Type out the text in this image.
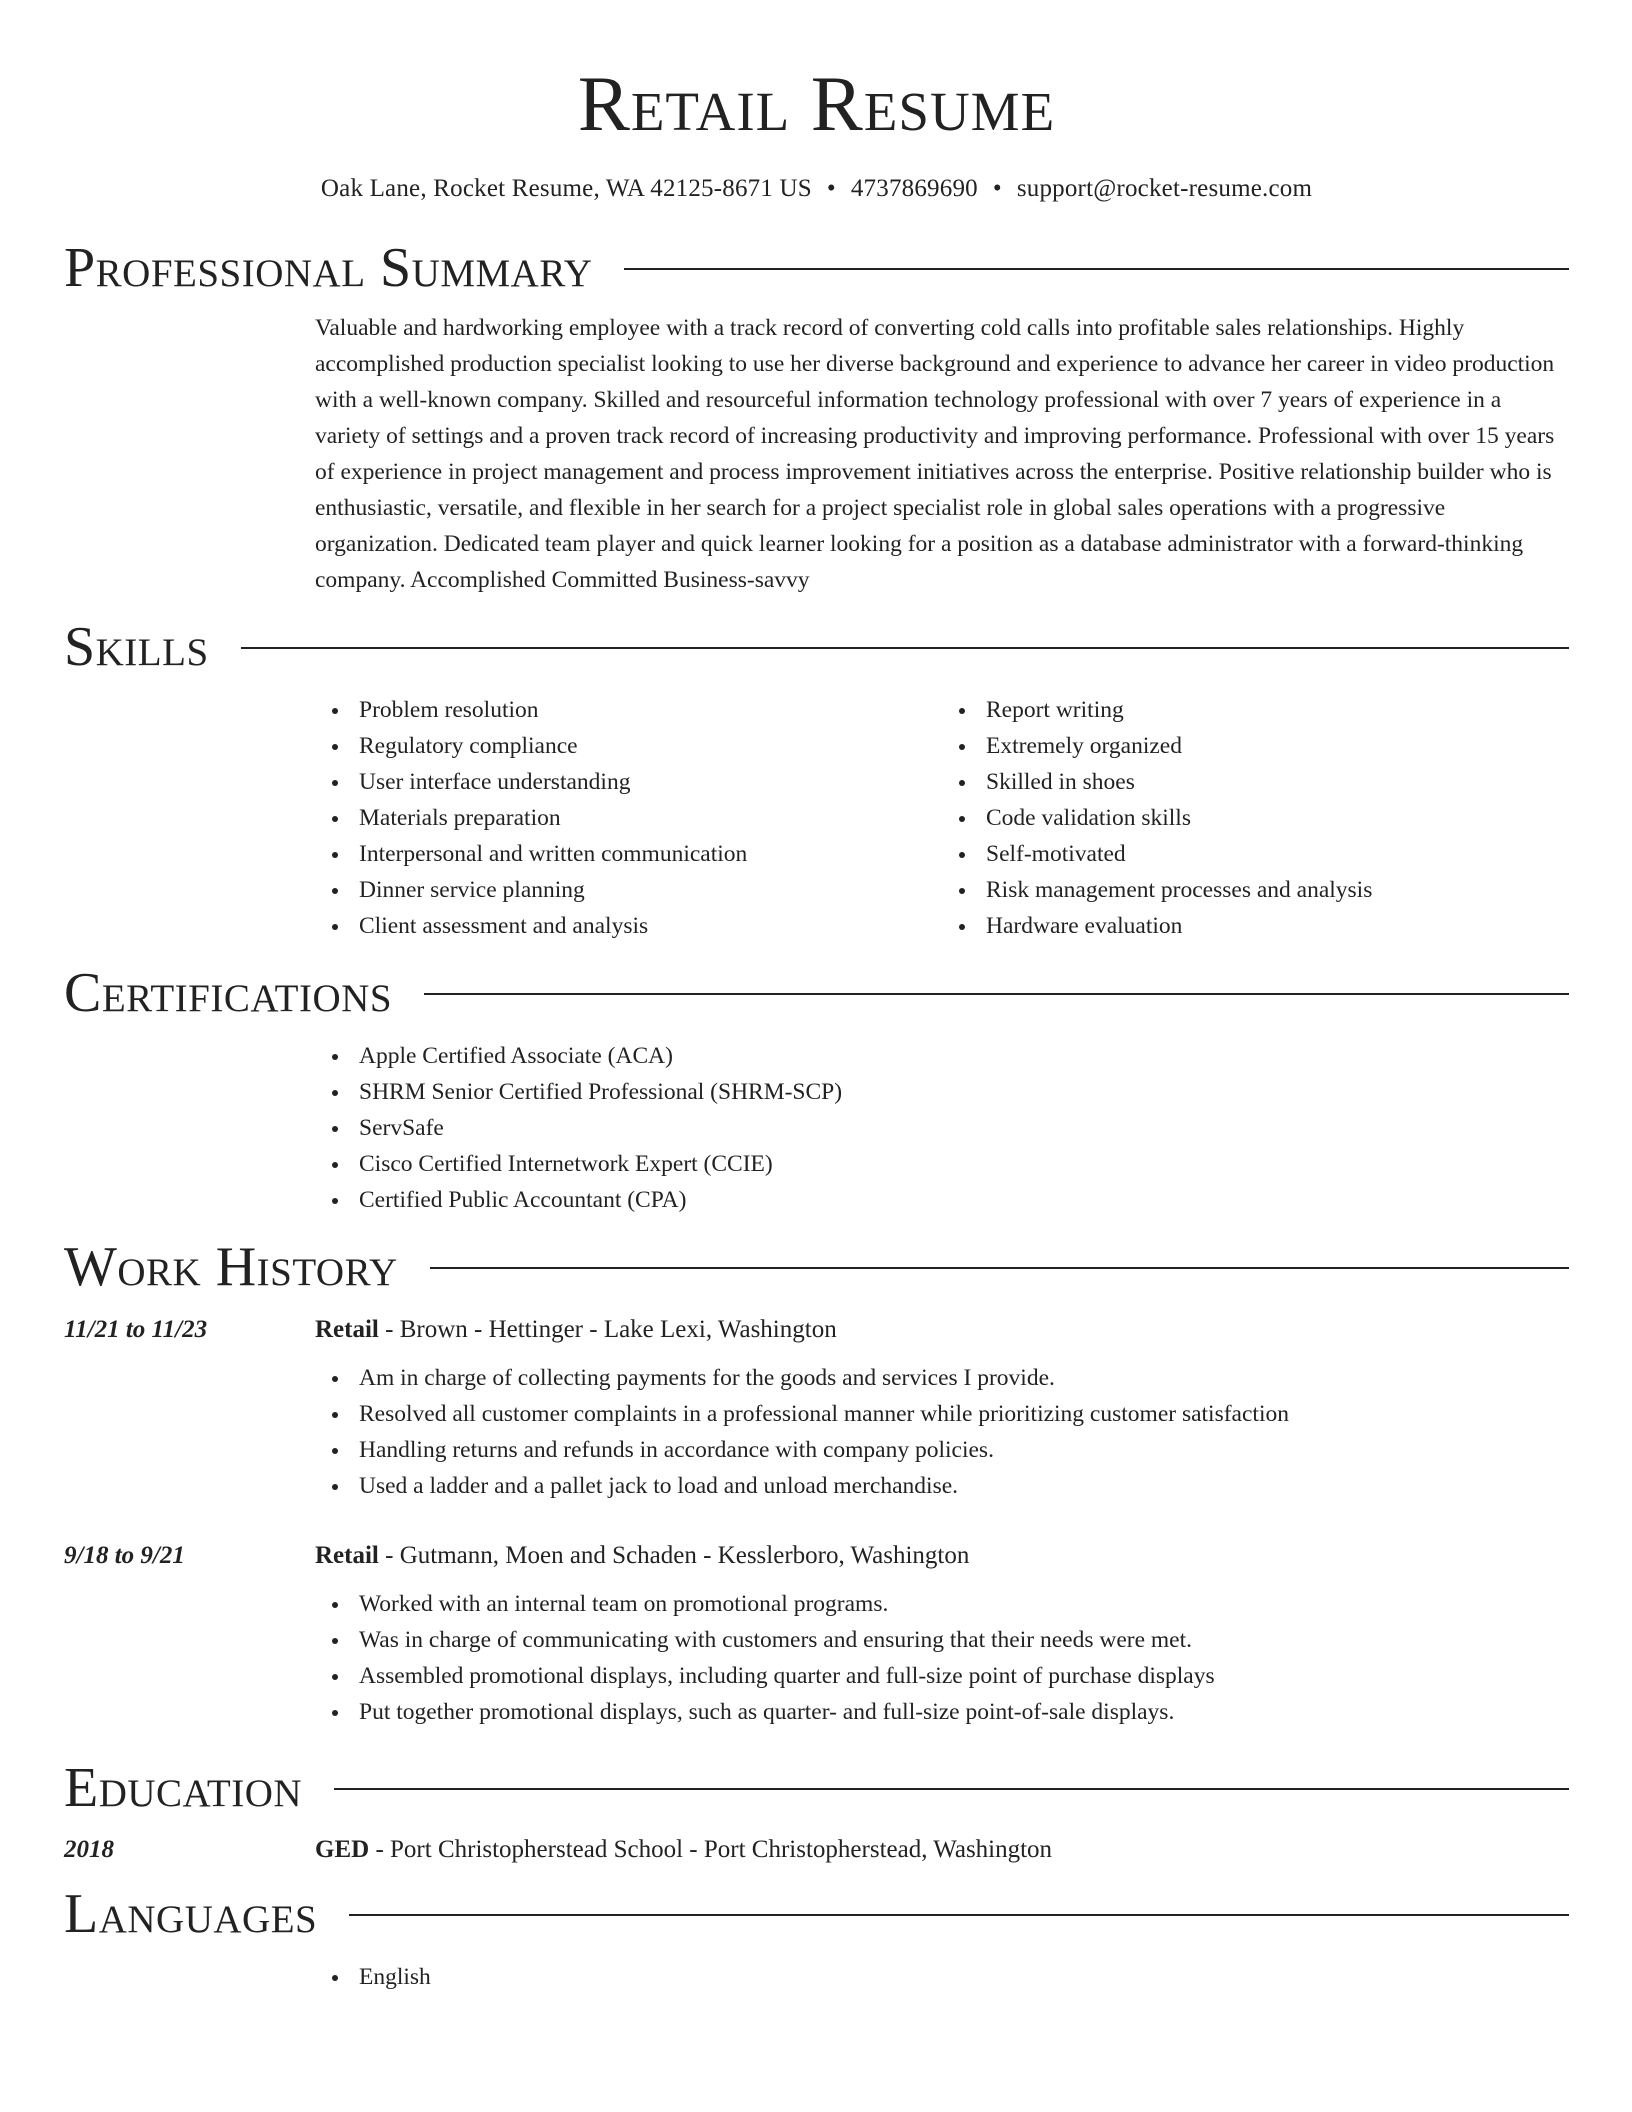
Retail Resume
Oak Lane, Rocket Resume, WA 42125-8671 US • 4737869690 • support@rocket-resume.com
Professional Summary

Valuable and hardworking employee with a track record of converting cold calls into profitable sales relationships. Highly accomplished production specialist looking to use her diverse background and experience to advance her career in video production with a well-known company. Skilled and resourceful information technology professional with over 7 years of experience in a variety of settings and a proven track record of increasing productivity and improving performance. Professional with over 15 years of experience in project management and process improvement initiatives across the enterprise. Positive relationship builder who is enthusiastic, versatile, and flexible in her search for a project specialist role in global sales operations with a progressive organization. Dedicated team player and quick learner looking for a position as a database administrator with a forward-thinking company. Accomplished Committed Business-savvy

Skills
Problem resolution
Regulatory compliance
User interface understanding
Materials preparation
Interpersonal and written communication
Dinner service planning
Client assessment and analysis
Report writing
Extremely organized
Skilled in shoes
Code validation skills
Self-motivated
Risk management processes and analysis
Hardware evaluation
Certifications
Apple Certified Associate (ACA)
SHRM Senior Certified Professional (SHRM-SCP)
ServSafe
Cisco Certified Internetwork Expert (CCIE)
Certified Public Accountant (CPA)
Work History
11/21 to 11/23	Retail - Brown - Hettinger - Lake Lexi, Washington
Am in charge of collecting payments for the goods and services I provide.
Resolved all customer complaints in a professional manner while prioritizing customer satisfaction
Handling returns and refunds in accordance with company policies.
Used a ladder and a pallet jack to load and unload merchandise.
9/18 to 9/21	Retail - Gutmann, Moen and Schaden - Kesslerboro, Washington
Worked with an internal team on promotional programs.
Was in charge of communicating with customers and ensuring that their needs were met.
Assembled promotional displays, including quarter and full-size point of purchase displays
Put together promotional displays, such as quarter- and full-size point-of-sale displays.
Education
2018	GED - Port Christopherstead School - Port Christopherstead, Washington
Languages
English
